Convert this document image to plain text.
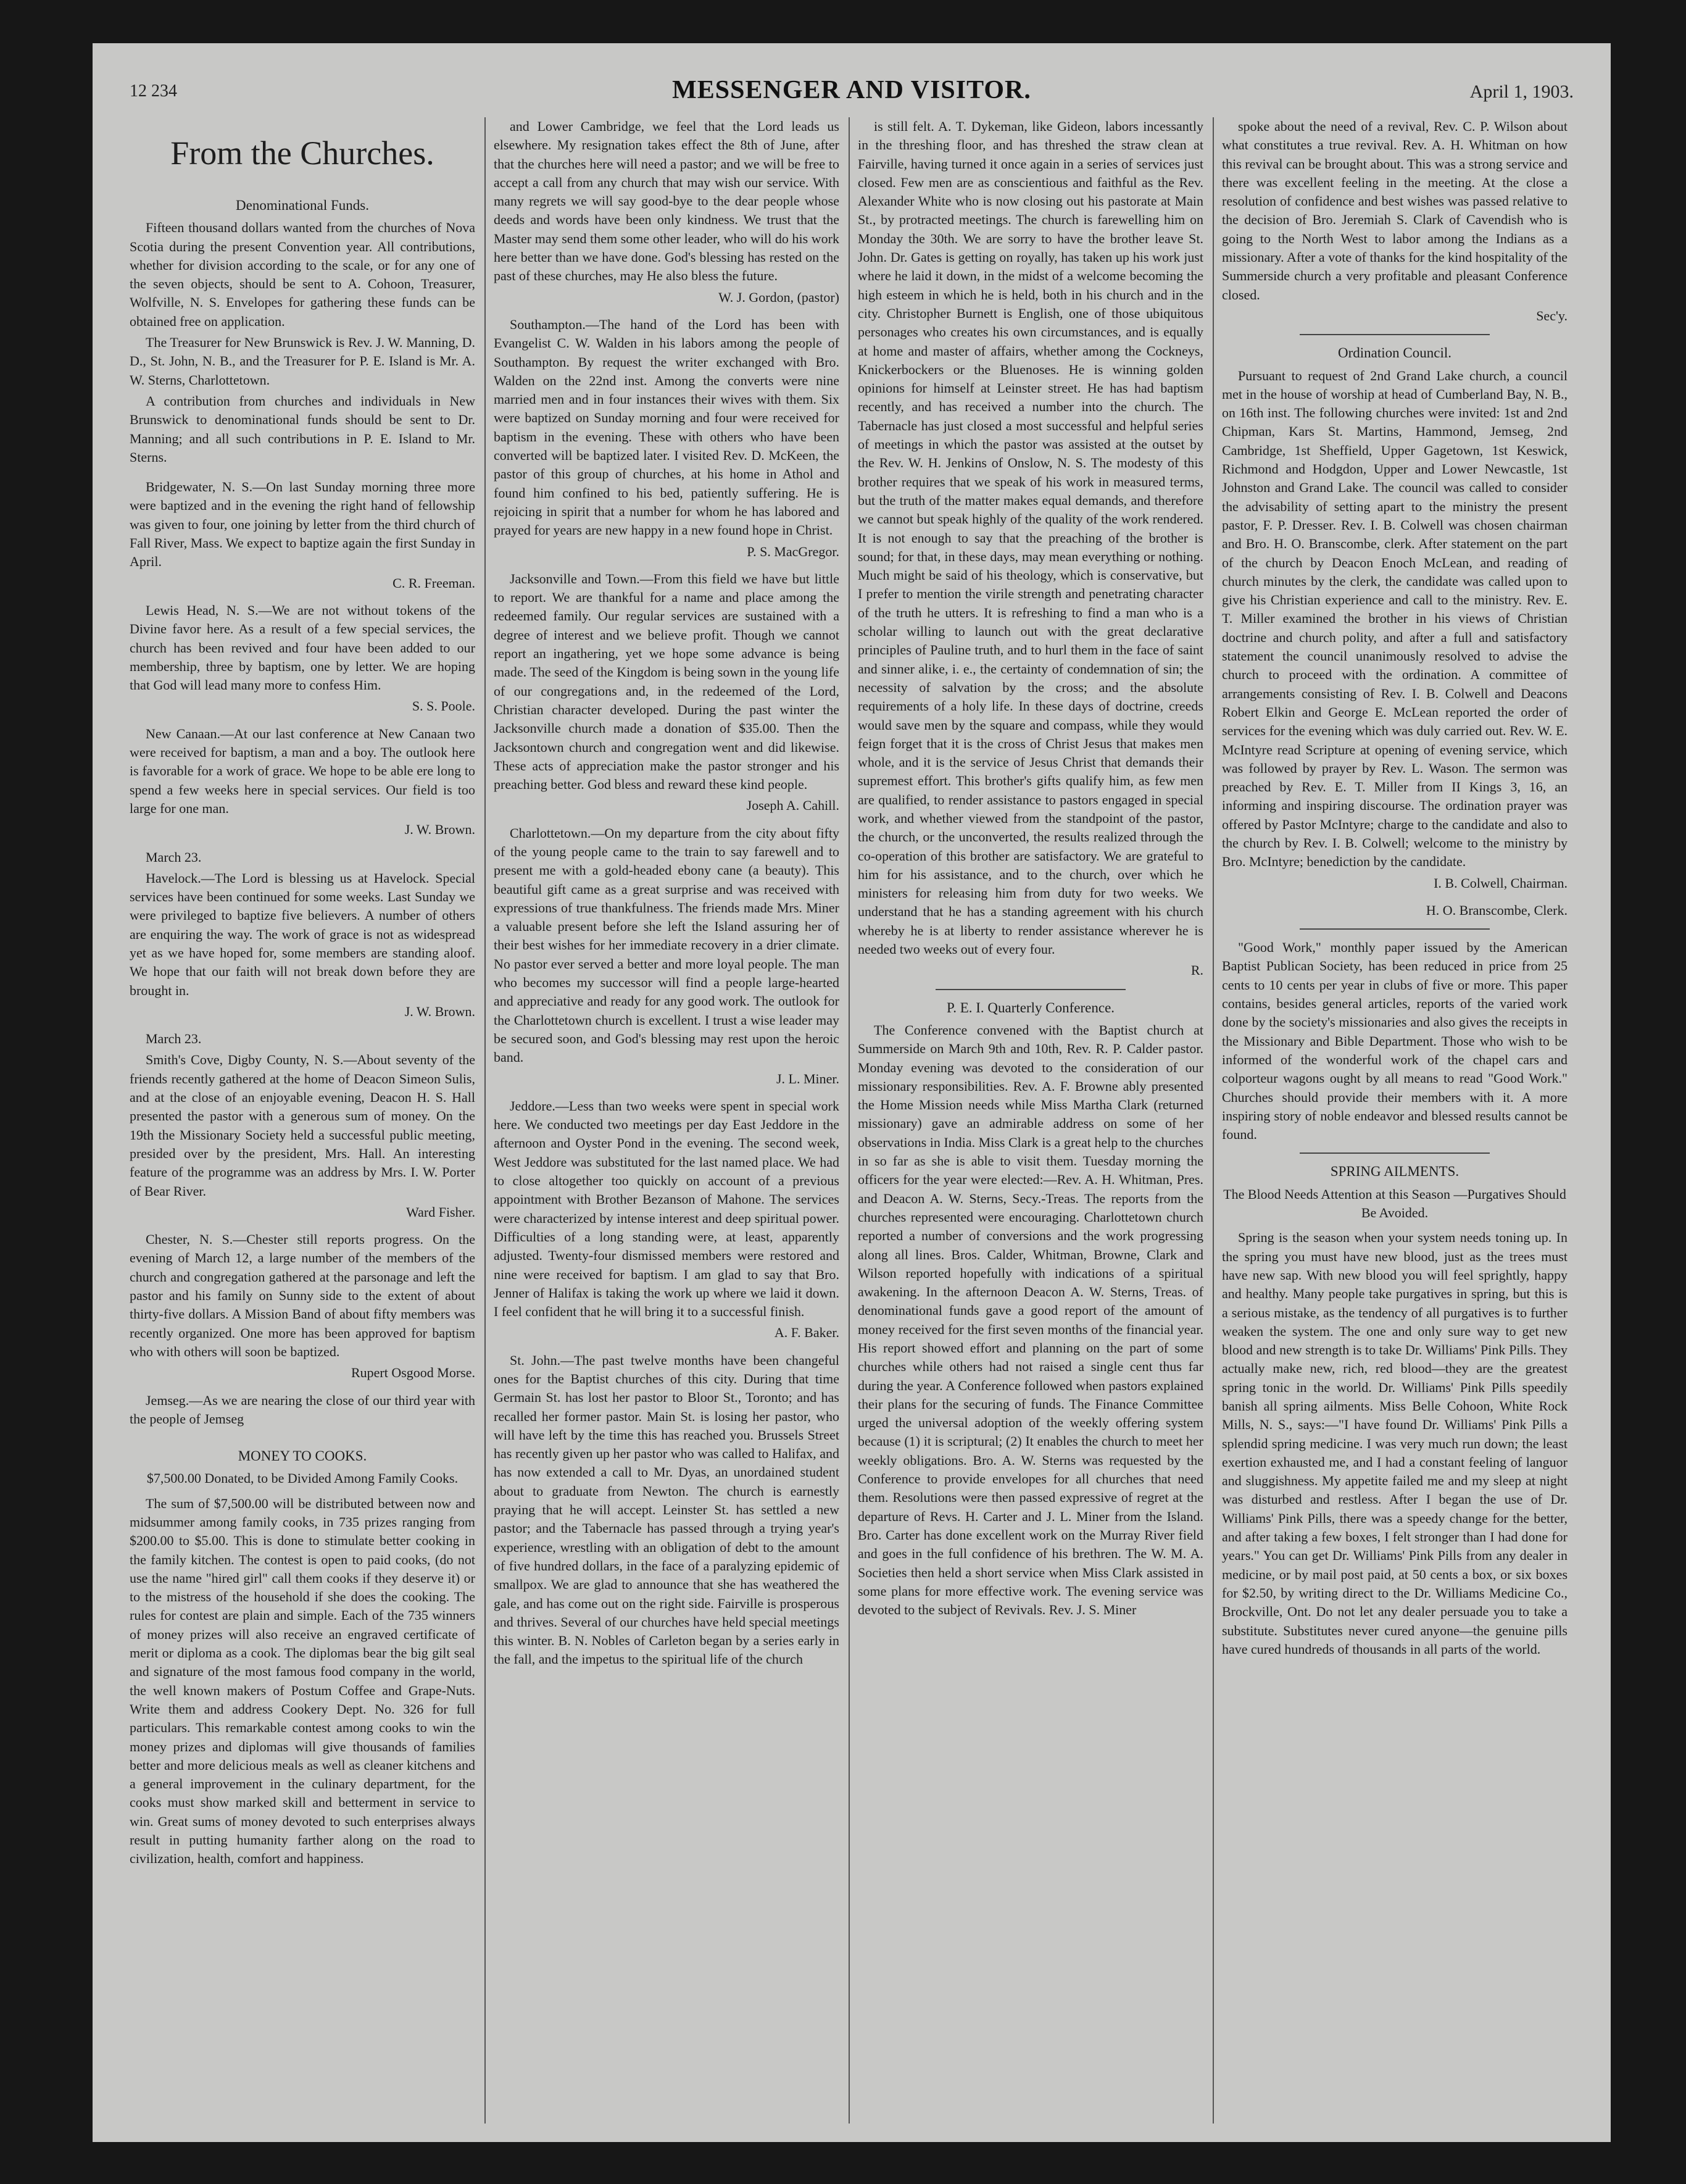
12 234	MESSENGER AND VISITOR.	April 1, 1903.
From the Churches.
Denominational Funds.

Fifteen thousand dollars wanted from the churches of Nova Scotia during the present Convention year. All contributions, whether for division according to the scale, or for any one of the seven objects, should be sent to A. Cohoon, Treasurer, Wolfville, N. S. Envelopes for gathering these funds can be obtained free on application.

The Treasurer for New Brunswick is Rev. J. W. Manning, D. D., St. John, N. B., and the Treasurer for P. E. Island is Mr. A. W. Sterns, Charlottetown.

A contribution from churches and individuals in New Brunswick to denominational funds should be sent to Dr. Manning; and all such contributions in P. E. Island to Mr. Sterns.

Bridgewater, N. S.—On last Sunday morning three more were baptized and in the evening the right hand of fellowship was given to four, one joining by letter from the third church of Fall River, Mass. We expect to baptize again the first Sunday in April.

C. R. Freeman.

Lewis Head, N. S.—We are not without tokens of the Divine favor here. As a result of a few special services, the church has been revived and four have been added to our membership, three by baptism, one by letter. We are hoping that God will lead many more to confess Him.

S. S. Poole.

New Canaan.—At our last conference at New Canaan two were received for baptism, a man and a boy. The outlook here is favorable for a work of grace. We hope to be able ere long to spend a few weeks here in special services. Our field is too large for one man.

J. W. Brown.

March 23.

Havelock.—The Lord is blessing us at Havelock. Special services have been continued for some weeks. Last Sunday we were privileged to baptize five believers. A number of others are enquiring the way. The work of grace is not as widespread yet as we have hoped for, some members are standing aloof. We hope that our faith will not break down before they are brought in.

J. W. Brown.

March 23.

Smith's Cove, Digby County, N. S.—About seventy of the friends recently gathered at the home of Deacon Simeon Sulis, and at the close of an enjoyable evening, Deacon H. S. Hall presented the pastor with a generous sum of money. On the 19th the Missionary Society held a successful public meeting, presided over by the president, Mrs. Hall. An interesting feature of the programme was an address by Mrs. I. W. Porter of Bear River.

Ward Fisher.

Chester, N. S.—Chester still reports progress. On the evening of March 12, a large number of the members of the church and congregation gathered at the parsonage and left the pastor and his family on Sunny side to the extent of about thirty-five dollars. A Mission Band of about fifty members was recently organized. One more has been approved for baptism who with others will soon be baptized.

Rupert Osgood Morse.

Jemseg.—As we are nearing the close of our third year with the people of Jemseg

MONEY TO COOKS.
$7,500.00 Donated, to be Divided Among Family Cooks.

The sum of $7,500.00 will be distributed between now and midsummer among family cooks, in 735 prizes ranging from $200.00 to $5.00. This is done to stimulate better cooking in the family kitchen. The contest is open to paid cooks, (do not use the name "hired girl" call them cooks if they deserve it) or to the mistress of the household if she does the cooking. The rules for contest are plain and simple. Each of the 735 winners of money prizes will also receive an engraved certificate of merit or diploma as a cook. The diplomas bear the big gilt seal and signature of the most famous food company in the world, the well known makers of Postum Coffee and Grape-Nuts. Write them and address Cookery Dept. No. 326 for full particulars. This remarkable contest among cooks to win the money prizes and diplomas will give thousands of families better and more delicious meals as well as cleaner kitchens and a general improvement in the culinary department, for the cooks must show marked skill and betterment in service to win. Great sums of money devoted to such enterprises always result in putting humanity farther along on the road to civilization, health, comfort and happiness.

and Lower Cambridge, we feel that the Lord leads us elsewhere. My resignation takes effect the 8th of June, after that the churches here will need a pastor; and we will be free to accept a call from any church that may wish our service. With many regrets we will say good-bye to the dear people whose deeds and words have been only kindness. We trust that the Master may send them some other leader, who will do his work here better than we have done. God's blessing has rested on the past of these churches, may He also bless the future.

W. J. Gordon, (pastor)

Southampton.—The hand of the Lord has been with Evangelist C. W. Walden in his labors among the people of Southampton. By request the writer exchanged with Bro. Walden on the 22nd inst. Among the converts were nine married men and in four instances their wives with them. Six were baptized on Sunday morning and four were received for baptism in the evening. These with others who have been converted will be baptized later. I visited Rev. D. McKeen, the pastor of this group of churches, at his home in Athol and found him confined to his bed, patiently suffering. He is rejoicing in spirit that a number for whom he has labored and prayed for years are new happy in a new found hope in Christ.

P. S. MacGregor.

Jacksonville and Town.—From this field we have but little to report. We are thankful for a name and place among the redeemed family. Our regular services are sustained with a degree of interest and we believe profit. Though we cannot report an ingathering, yet we hope some advance is being made. The seed of the Kingdom is being sown in the young life of our congregations and, in the redeemed of the Lord, Christian character developed. During the past winter the Jacksonville church made a donation of $35.00. Then the Jacksontown church and congregation went and did likewise. These acts of appreciation make the pastor stronger and his preaching better. God bless and reward these kind people.

Joseph A. Cahill.

Charlottetown.—On my departure from the city about fifty of the young people came to the train to say farewell and to present me with a gold-headed ebony cane (a beauty). This beautiful gift came as a great surprise and was received with expressions of true thankfulness. The friends made Mrs. Miner a valuable present before she left the Island assuring her of their best wishes for her immediate recovery in a drier climate. No pastor ever served a better and more loyal people. The man who becomes my successor will find a people large-hearted and appreciative and ready for any good work. The outlook for the Charlottetown church is excellent. I trust a wise leader may be secured soon, and God's blessing may rest upon the heroic band.

J. L. Miner.

Jeddore.—Less than two weeks were spent in special work here. We conducted two meetings per day East Jeddore in the afternoon and Oyster Pond in the evening. The second week, West Jeddore was substituted for the last named place. We had to close altogether too quickly on account of a previous appointment with Brother Bezanson of Mahone. The services were characterized by intense interest and deep spiritual power. Difficulties of a long standing were, at least, apparently adjusted. Twenty-four dismissed members were restored and nine were received for baptism. I am glad to say that Bro. Jenner of Halifax is taking the work up where we laid it down. I feel confident that he will bring it to a successful finish.

A. F. Baker.

St. John.—The past twelve months have been changeful ones for the Baptist churches of this city. During that time Germain St. has lost her pastor to Bloor St., Toronto; and has recalled her former pastor. Main St. is losing her pastor, who will have left by the time this has reached you. Brussels Street has recently given up her pastor who was called to Halifax, and has now extended a call to Mr. Dyas, an unordained student about to graduate from Newton. The church is earnestly praying that he will accept. Leinster St. has settled a new pastor; and the Tabernacle has passed through a trying year's experience, wrestling with an obligation of debt to the amount of five hundred dollars, in the face of a paralyzing epidemic of smallpox. We are glad to announce that she has weathered the gale, and has come out on the right side. Fairville is prosperous and thrives. Several of our churches have held special meetings this winter. B. N. Nobles of Carleton began by a series early in the fall, and the impetus to the spiritual life of the church

is still felt. A. T. Dykeman, like Gideon, labors incessantly in the threshing floor, and has threshed the straw clean at Fairville, having turned it once again in a series of services just closed. Few men are as conscientious and faithful as the Rev. Alexander White who is now closing out his pastorate at Main St., by protracted meetings. The church is farewelling him on Monday the 30th. We are sorry to have the brother leave St. John. Dr. Gates is getting on royally, has taken up his work just where he laid it down, in the midst of a welcome becoming the high esteem in which he is held, both in his church and in the city. Christopher Burnett is English, one of those ubiquitous personages who creates his own circumstances, and is equally at home and master of affairs, whether among the Cockneys, Knickerbockers or the Bluenoses. He is winning golden opinions for himself at Leinster street. He has had baptism recently, and has received a number into the church. The Tabernacle has just closed a most successful and helpful series of meetings in which the pastor was assisted at the outset by the Rev. W. H. Jenkins of Onslow, N. S. The modesty of this brother requires that we speak of his work in measured terms, but the truth of the matter makes equal demands, and therefore we cannot but speak highly of the quality of the work rendered. It is not enough to say that the preaching of the brother is sound; for that, in these days, may mean everything or nothing. Much might be said of his theology, which is conservative, but I prefer to mention the virile strength and penetrating character of the truth he utters. It is refreshing to find a man who is a scholar willing to launch out with the great declarative principles of Pauline truth, and to hurl them in the face of saint and sinner alike, i. e., the certainty of condemnation of sin; the necessity of salvation by the cross; and the absolute requirements of a holy life. In these days of doctrine, creeds would save men by the square and compass, while they would feign forget that it is the cross of Christ Jesus that makes men whole, and it is the service of Jesus Christ that demands their supremest effort. This brother's gifts qualify him, as few men are qualified, to render assistance to pastors engaged in special work, and whether viewed from the standpoint of the pastor, the church, or the unconverted, the results realized through the co-operation of this brother are satisfactory. We are grateful to him for his assistance, and to the church, over which he ministers for releasing him from duty for two weeks. We understand that he has a standing agreement with his church whereby he is at liberty to render assistance wherever he is needed two weeks out of every four.

R.
P. E. I. Quarterly Conference.

The Conference convened with the Baptist church at Summerside on March 9th and 10th, Rev. R. P. Calder pastor. Monday evening was devoted to the consideration of our missionary responsibilities. Rev. A. F. Browne ably presented the Home Mission needs while Miss Martha Clark (returned missionary) gave an admirable address on some of her observations in India. Miss Clark is a great help to the churches in so far as she is able to visit them. Tuesday morning the officers for the year were elected:—Rev. A. H. Whitman, Pres. and Deacon A. W. Sterns, Secy.-Treas. The reports from the churches represented were encouraging. Charlottetown church reported a number of conversions and the work progressing along all lines. Bros. Calder, Whitman, Browne, Clark and Wilson reported hopefully with indications of a spiritual awakening. In the afternoon Deacon A. W. Sterns, Treas. of denominational funds gave a good report of the amount of money received for the first seven months of the financial year. His report showed effort and planning on the part of some churches while others had not raised a single cent thus far during the year. A Conference followed when pastors explained their plans for the securing of funds. The Finance Committee urged the universal adoption of the weekly offering system because (1) it is scriptural; (2) It enables the church to meet her weekly obligations. Bro. A. W. Sterns was requested by the Conference to provide envelopes for all churches that need them. Resolutions were then passed expressive of regret at the departure of Revs. H. Carter and J. L. Miner from the Island. Bro. Carter has done excellent work on the Murray River field and goes in the full confidence of his brethren. The W. M. A. Societies then held a short service when Miss Clark assisted in some plans for more effective work. The evening service was devoted to the subject of Revivals. Rev. J. S. Miner

spoke about the need of a revival, Rev. C. P. Wilson about what constitutes a true revival. Rev. A. H. Whitman on how this revival can be brought about. This was a strong service and there was excellent feeling in the meeting. At the close a resolution of confidence and best wishes was passed relative to the decision of Bro. Jeremiah S. Clark of Cavendish who is going to the North West to labor among the Indians as a missionary. After a vote of thanks for the kind hospitality of the Summerside church a very profitable and pleasant Conference closed.

Sec'y.
Ordination Council.

Pursuant to request of 2nd Grand Lake church, a council met in the house of worship at head of Cumberland Bay, N. B., on 16th inst. The following churches were invited: 1st and 2nd Chipman, Kars St. Martins, Hammond, Jemseg, 2nd Cambridge, 1st Sheffield, Upper Gagetown, 1st Keswick, Richmond and Hodgdon, Upper and Lower Newcastle, 1st Johnston and Grand Lake. The council was called to consider the advisability of setting apart to the ministry the present pastor, F. P. Dresser. Rev. I. B. Colwell was chosen chairman and Bro. H. O. Branscombe, clerk. After statement on the part of the church by Deacon Enoch McLean, and reading of church minutes by the clerk, the candidate was called upon to give his Christian experience and call to the ministry. Rev. E. T. Miller examined the brother in his views of Christian doctrine and church polity, and after a full and satisfactory statement the council unanimously resolved to advise the church to proceed with the ordination. A committee of arrangements consisting of Rev. I. B. Colwell and Deacons Robert Elkin and George E. McLean reported the order of services for the evening which was duly carried out. Rev. W. E. McIntyre read Scripture at opening of evening service, which was followed by prayer by Rev. L. Wason. The sermon was preached by Rev. E. T. Miller from II Kings 3, 16, an informing and inspiring discourse. The ordination prayer was offered by Pastor McIntyre; charge to the candidate and also to the church by Rev. I. B. Colwell; welcome to the ministry by Bro. McIntyre; benediction by the candidate.

I. B. Colwell, Chairman.
H. O. Branscombe, Clerk.

"Good Work," monthly paper issued by the American Baptist Publican Society, has been reduced in price from 25 cents to 10 cents per year in clubs of five or more. This paper contains, besides general articles, reports of the varied work done by the society's missionaries and also gives the receipts in the Missionary and Bible Department. Those who wish to be informed of the wonderful work of the chapel cars and colporteur wagons ought by all means to read "Good Work." Churches should provide their members with it. A more inspiring story of noble endeavor and blessed results cannot be found.

SPRING AILMENTS.
The Blood Needs Attention at this Season —Purgatives Should Be Avoided.

Spring is the season when your system needs toning up. In the spring you must have new blood, just as the trees must have new sap. With new blood you will feel sprightly, happy and healthy. Many people take purgatives in spring, but this is a serious mistake, as the tendency of all purgatives is to further weaken the system. The one and only sure way to get new blood and new strength is to take Dr. Williams' Pink Pills. They actually make new, rich, red blood—they are the greatest spring tonic in the world. Dr. Williams' Pink Pills speedily banish all spring ailments. Miss Belle Cohoon, White Rock Mills, N. S., says:—"I have found Dr. Williams' Pink Pills a splendid spring medicine. I was very much run down; the least exertion exhausted me, and I had a constant feeling of languor and sluggishness. My appetite failed me and my sleep at night was disturbed and restless. After I began the use of Dr. Williams' Pink Pills, there was a speedy change for the better, and after taking a few boxes, I felt stronger than I had done for years." You can get Dr. Williams' Pink Pills from any dealer in medicine, or by mail post paid, at 50 cents a box, or six boxes for $2.50, by writing direct to the Dr. Williams Medicine Co., Brockville, Ont. Do not let any dealer persuade you to take a substitute. Substitutes never cured anyone—the genuine pills have cured hundreds of thousands in all parts of the world.
